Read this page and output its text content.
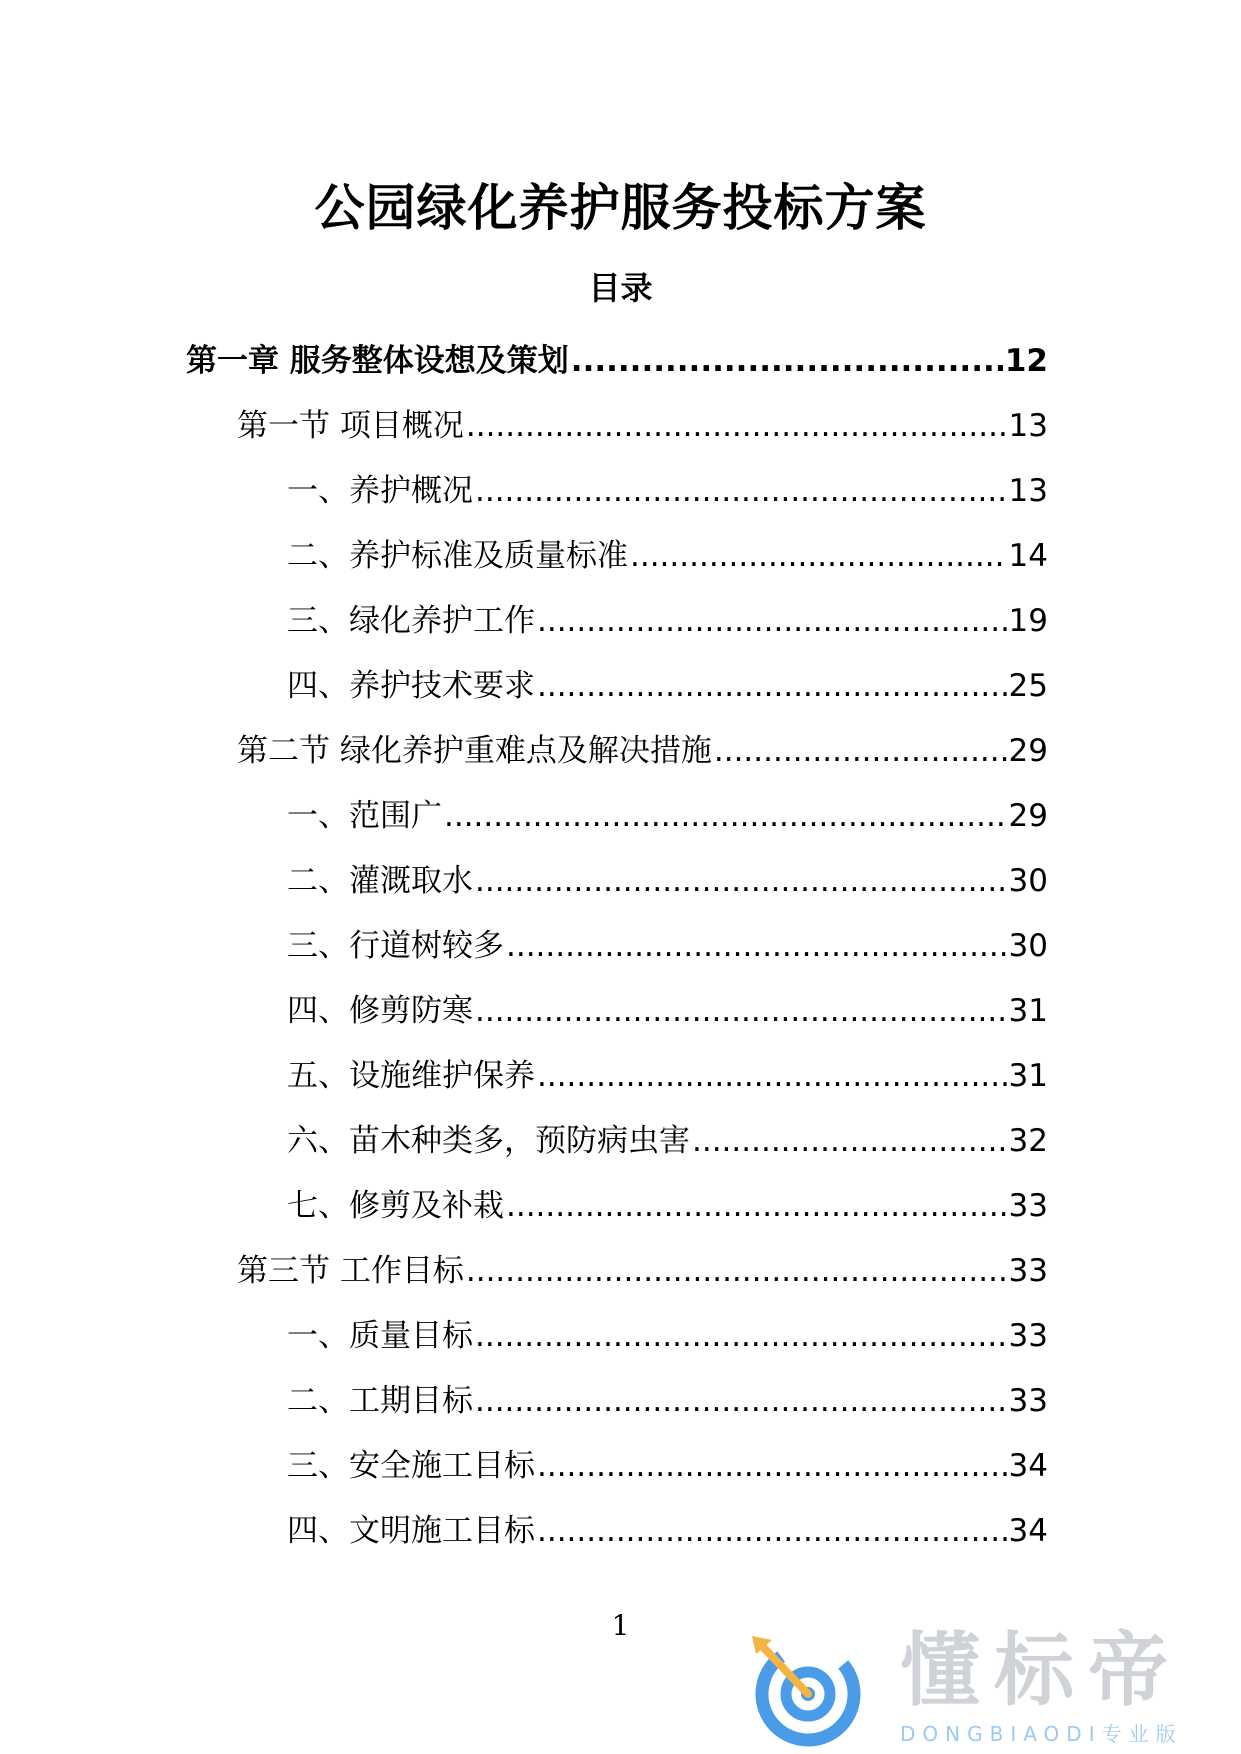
公园绿化养护服务投标方案
目录
第一章 服务整体设想及策划 .....	12
第一节 项目概况 .....	13
一、养护概况 .....	13
二、养护标准及质量标准 .....	14
三、绿化养护工作 .....	19
四、养护技术要求 .....	25
第二节 绿化养护重难点及解决措施 .....	29
一、范围广 .....	29
二、灌溉取水 .....	30
三、行道树较多 .....	30
四、修剪防寒 .....	31
五、设施维护保养 .....	31
六、苗木种类多，预防病虫害 .....	32
七、修剪及补栽 .....	33
第三节 工作目标 .....	33
一、质量目标 .....	33
二、工期目标 .....	33
三、安全施工目标 .....	34
四、文明施工目标 .....	34
1	懂标帝
DONGBIAODI专业版
